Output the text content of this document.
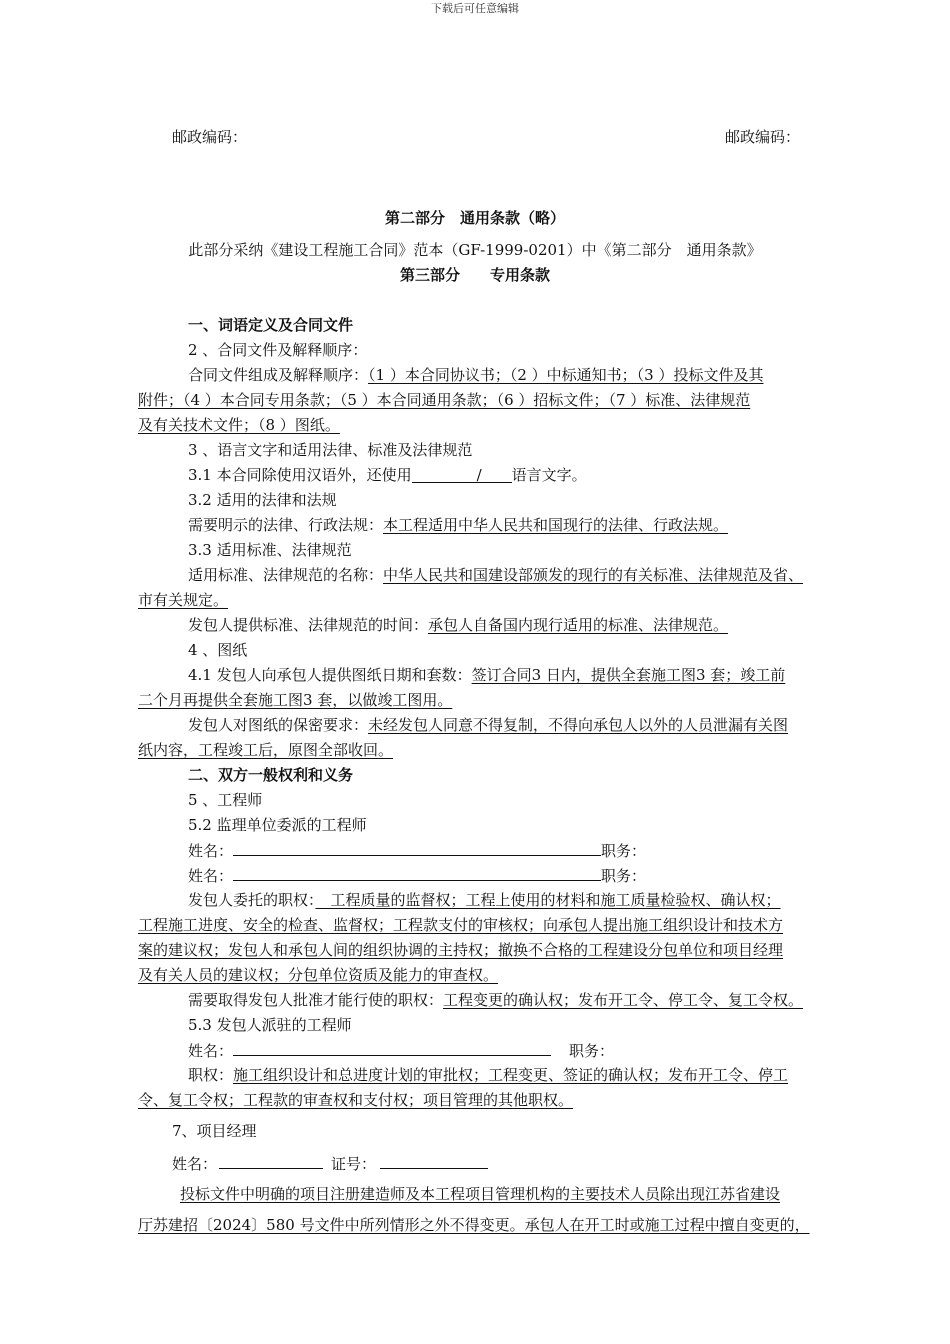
下载后可任意编辑
邮政编码：	邮政编码：
第二部分　通用条款（略）
此部分采纳《建设工程施工合同》范本（GF-1999-0201）中《第二部分　通用条款》
第三部分　　专用条款
一、词语定义及合同文件
2 、合同文件及解释顺序：
合同文件组成及解释顺序：（1 ）本合同协议书；（2 ）中标通知书；（3 ）投标文件及其
附件；（4 ）本合同专用条款；（5 ）本合同通用条款；（6 ）招标文件；（7 ）标准、法律规范
及有关技术文件；（8 ）图纸。
3 、语言文字和适用法律、标准及法律规范
3.1 本合同除使用汉语外，还使用	/ 语言文字。
3.2 适用的法律和法规
需要明示的法律、行政法规：本工程适用中华人民共和国现行的法律、行政法规。
3.3 适用标准、法律规范
适用标准、法律规范的名称：中华人民共和国建设部颁发的现行的有关标准、法律规范及省、
市有关规定。
发包人提供标准、法律规范的时间：承包人自备国内现行适用的标准、法律规范。
4 、图纸
4.1 发包人向承包人提供图纸日期和套数：签订合同3 日内，提供全套施工图3 套；竣工前
二个月再提供全套施工图3 套，以做竣工图用。
发包人对图纸的保密要求：未经发包人同意不得复制，不得向承包人以外的人员泄漏有关图
纸内容，工程竣工后，原图全部收回。
二、双方一般权利和义务
5 、工程师
5.2 监理单位委派的工程师
姓名：	职务：
姓名：	职务：
发包人委托的职权：　工程质量的监督权；工程上使用的材料和施工质量检验权、确认权；
工程施工进度、安全的检查、监督权；工程款支付的审核权；向承包人提出施工组织设计和技术方
案的建议权；发包人和承包人间的组织协调的主持权；撤换不合格的工程建设分包单位和项目经理
及有关人员的建议权；分包单位资质及能力的审查权。
需要取得发包人批准才能行使的职权：工程变更的确认权；发布开工令、停工令、复工令权。
5.3 发包人派驻的工程师
姓名：	职务：
职权：施工组织设计和总进度计划的审批权；工程变更、签证的确认权；发布开工令、停工
令、复工令权；工程款的审查权和支付权；项目管理的其他职权。
7、项目经理
姓名：	证号：
投标文件中明确的项目注册建造师及本工程项目管理机构的主要技术人员除出现江苏省建设
厅苏建招〔2024〕580 号文件中所列情形之外不得变更。承包人在开工时或施工过程中擅自变更的，
